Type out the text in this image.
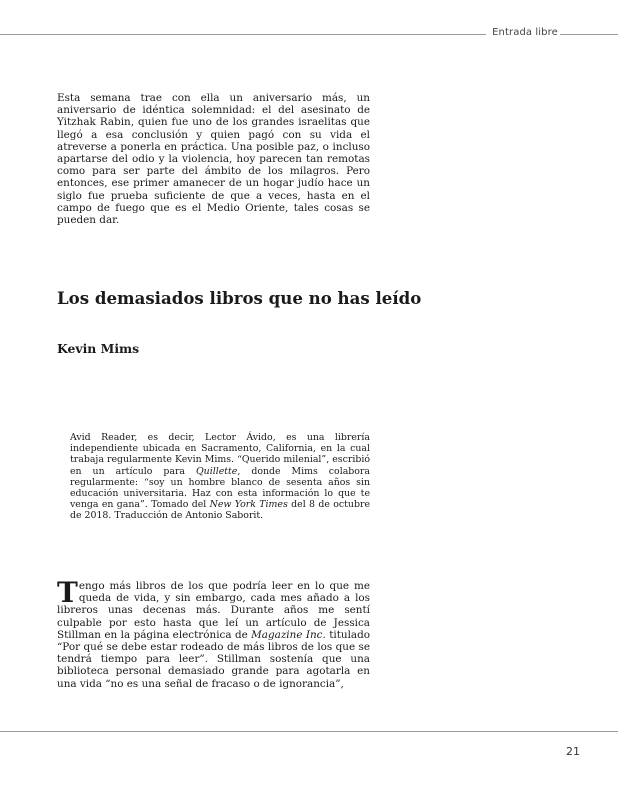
Entrada libre

Esta semana trae con ella un aniversario más, un aniversario de idéntica solemnidad: el del asesinato de Yitzhak Rabin, quien fue uno de los grandes israelitas que llegó a esa conclusión y quien pagó con su vida el atreverse a ponerla en práctica. Una posible paz, o incluso apartarse del odio y la violencia, hoy parecen tan remotas como para ser parte del ámbito de los milagros. Pero entonces, ese primer amanecer de un hogar judío hace un siglo fue prueba suficiente de que a veces, hasta en el campo de fuego que es el Medio Oriente, tales cosas se pueden dar.

Los demasiados libros que no has leído
Kevin Mims

Avid Reader, es decir, Lector Ávido, es una librería independiente ubicada en Sacramento, California, en la cual trabaja regularmente Kevin Mims. “Querido milenial”, escribió en un artículo para Quillette, donde Mims colabora regularmente: “soy un hombre blanco de sesenta años sin educación universitaria. Haz con esta información lo que te venga en gana”. Tomado del New York Times del 8 de octubre de 2018. Traducción de Antonio Saborit.

Tengo más libros de los que podría leer en lo que me queda de vida, y sin embargo, cada mes añado a los libreros unas decenas más. Durante años me sentí culpable por esto hasta que leí un artículo de Jessica Stillman en la página electrónica de Magazine Inc. titulado “Por qué se debe estar rodeado de más libros de los que se tendrá tiempo para leer”. Stillman sostenía que una biblioteca personal demasiado grande para agotarla en una vida “no es una señal de fracaso o de ignorancia”,

21
